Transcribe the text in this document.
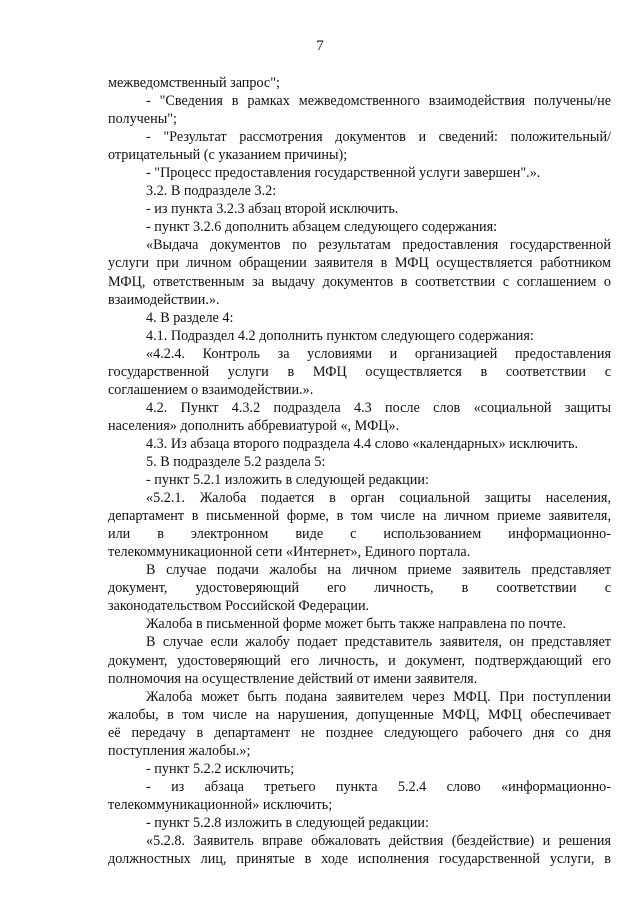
7
межведомственный запрос";
- "Сведения в рамках межведомственного взаимодействия получены/не
получены";
- "Результат рассмотрения документов и сведений: положительный/
отрицательный (с указанием причины);
- "Процесс предоставления государственной услуги завершен".».
3.2. В подразделе 3.2:
- из пункта 3.2.3 абзац второй исключить.
- пункт 3.2.6 дополнить абзацем следующего содержания:
«Выдача документов по результатам предоставления государственной
услуги при личном обращении заявителя в МФЦ осуществляется работником
МФЦ, ответственным за выдачу документов в соответствии с соглашением о
взаимодействии.».
4. В разделе 4:
4.1. Подраздел 4.2 дополнить пунктом следующего содержания:
«4.2.4. Контроль за условиями и организацией предоставления
государственной услуги в МФЦ осуществляется в соответствии с
соглашением о взаимодействии.».
4.2. Пункт 4.3.2 подраздела 4.3 после слов «социальной защиты
населения» дополнить аббревиатурой «, МФЦ».
4.3. Из абзаца второго подраздела 4.4 слово «календарных» исключить.
5. В подразделе 5.2 раздела 5:
- пункт 5.2.1 изложить в следующей редакции:
«5.2.1. Жалоба подается в орган социальной защиты населения,
департамент в письменной форме, в том числе на личном приеме заявителя,
или в электронном виде с использованием информационно-
телекоммуникационной сети «Интернет», Единого портала.
В случае подачи жалобы на личном приеме заявитель представляет
документ, удостоверяющий его личность, в соответствии с
законодательством Российской Федерации.
Жалоба в письменной форме может быть также направлена по почте.
В случае если жалобу подает представитель заявителя, он представляет
документ, удостоверяющий его личность, и документ, подтверждающий его
полномочия на осуществление действий от имени заявителя.
Жалоба может быть подана заявителем через МФЦ. При поступлении
жалобы, в том числе на нарушения, допущенные МФЦ, МФЦ обеспечивает
её передачу в департамент не позднее следующего рабочего дня со дня
поступления жалобы.»;
- пункт 5.2.2 исключить;
- из абзаца третьего пункта 5.2.4 слово «информационно-
телекоммуникационной» исключить;
- пункт 5.2.8 изложить в следующей редакции:
«5.2.8. Заявитель вправе обжаловать действия (бездействие) и решения
должностных лиц, принятые в ходе исполнения государственной услуги, в
